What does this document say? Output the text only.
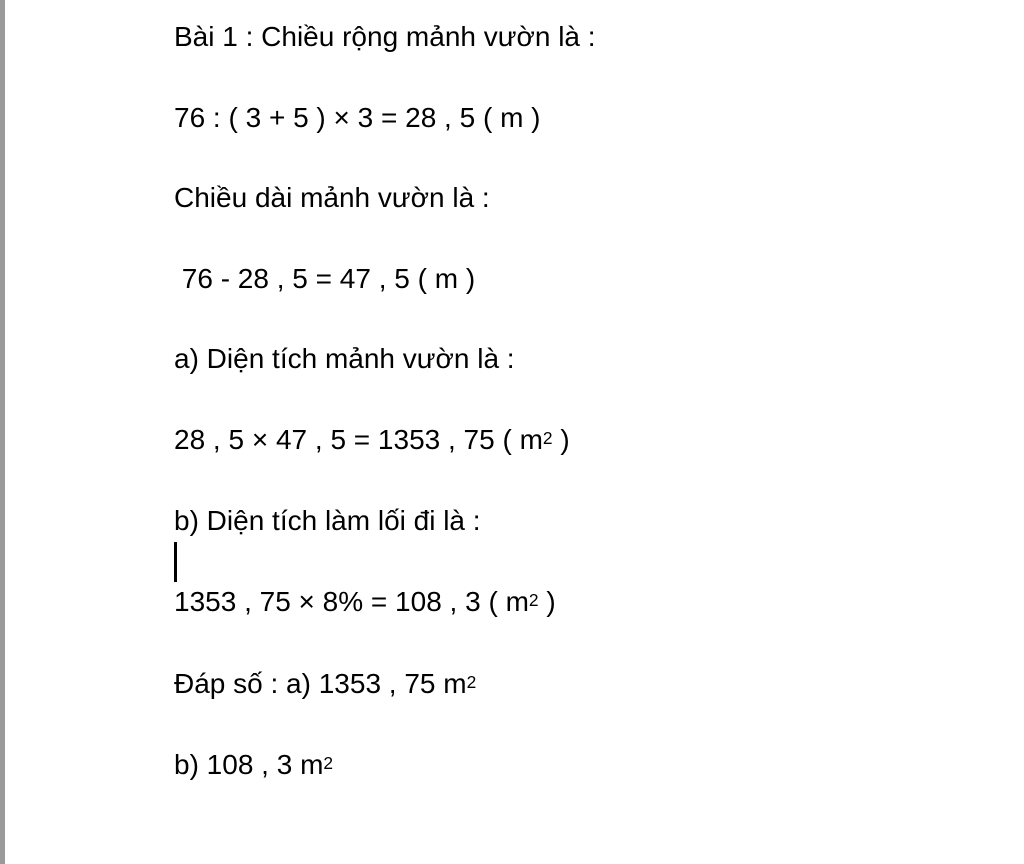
Bài 1 : Chiều rộng mảnh vườn là :
76 : ( 3 + 5 ) × 3 = 28 , 5 ( m )
Chiều dài mảnh vườn là :
76 - 28 , 5 = 47 , 5 ( m )
a) Diện tích mảnh vườn là :
28 , 5 × 47 , 5 = 1353 , 75 ( $m^2$ )
b) Diện tích làm lối đi là :
1353 , 75 × 8% = 108 , 3 ( $m^2$ )
Đáp số : a) 1353 , 75 $m^2$
b) 108 , 3 $m^2$
